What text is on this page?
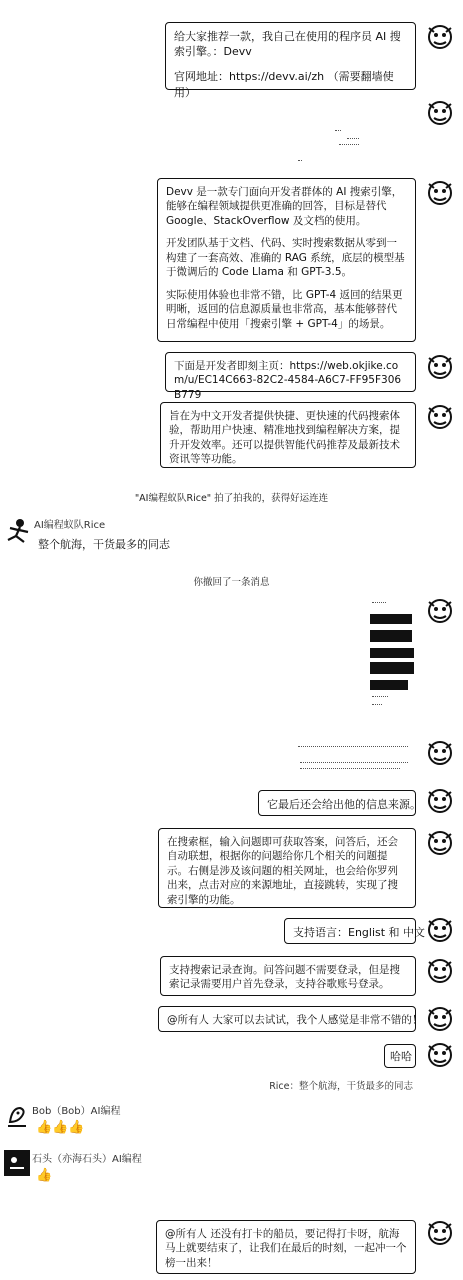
给大家推荐一款，我自己在使用的程序员 AI 搜索引擎。：Devv

官网地址：https://devv.ai/zh （需要翻墙使用）

Devv 是一款专门面向开发者群体的 AI 搜索引擎，能够在编程领域提供更准确的回答，目标是替代 Google、StackOverflow 及文档的使用。

开发团队基于文档、代码、实时搜索数据从零到一构建了一套高效、准确的 RAG 系统，底层的模型基于微调后的 Code Llama 和 GPT-3.5。

实际使用体验也非常不错，比 GPT-4 返回的结果更明晰，返回的信息源质量也非常高，基本能够替代日常编程中使用「搜索引擎 + GPT-4」的场景。

下面是开发者即刻主页：https://web.okjike.com/u/EC14C663-82C2-4584-A6C7-FF95F306B779

旨在为中文开发者提供快捷、更快速的代码搜索体验，帮助用户快速、精准地找到编程解决方案，提升开发效率。还可以提供智能代码推荐及最新技术资讯等等功能。

"AI编程蚁队Rice" 拍了拍我的，获得好运连连
AI编程蚁队Rice
整个航海，干货最多的同志
你撤回了一条消息

它最后还会给出他的信息来源。

在搜索框，输入问题即可获取答案，问答后，还会自动联想，根据你的问题给你几个相关的问题提示。右侧是涉及该问题的相关网址，也会给你罗列出来，点击对应的来源地址，直接跳转，实现了搜索引擎的功能。

支持语言：Englist 和 中文

支持搜索记录查询。问答问题不需要登录，但是搜索记录需要用户首先登录，支持谷歌账号登录。

@所有人 大家可以去试试，我个人感觉是非常不错的！

哈哈

Rice：整个航海，干货最多的同志
Bob（Bob）AI编程
👍👍👍
石头（亦海石头）AI编程
👍

@所有人 还没有打卡的船员，要记得打卡呀，航海马上就要结束了，让我们在最后的时刻，一起冲一个榜一出来！
